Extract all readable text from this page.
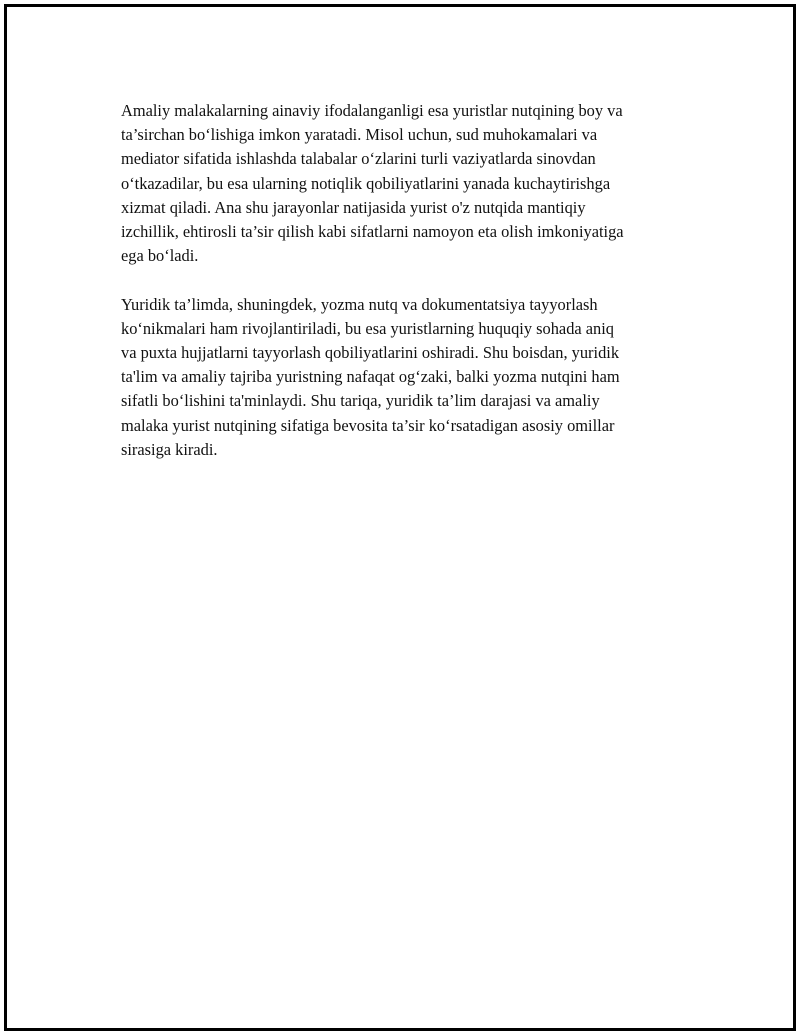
Amaliy malakalarning ainaviy ifodalanganligi esa yuristlar nutqining boy va
ta’sirchan bo‘lishiga imkon yaratadi. Misol uchun, sud muhokamalari va
mediator sifatida ishlashda talabalar o‘zlarini turli vaziyatlarda sinovdan
o‘tkazadilar, bu esa ularning notiqlik qobiliyatlarini yanada kuchaytirishga
xizmat qiladi. Ana shu jarayonlar natijasida yurist o'z nutqida mantiqiy
izchillik, ehtirosli ta’sir qilish kabi sifatlarni namoyon eta olish imkoniyatiga
ega bo‘ladi.

Yuridik ta’limda, shuningdek, yozma nutq va dokumentatsiya tayyorlash
ko‘nikmalari ham rivojlantiriladi, bu esa yuristlarning huquqiy sohada aniq
va puxta hujjatlarni tayyorlash qobiliyatlarini oshiradi. Shu boisdan, yuridik
ta'lim va amaliy tajriba yuristning nafaqat og‘zaki, balki yozma nutqini ham
sifatli bo‘lishini ta'minlaydi. Shu tariqa, yuridik ta’lim darajasi va amaliy
malaka yurist nutqining sifatiga bevosita ta’sir ko‘rsatadigan asosiy omillar
sirasiga kiradi.
